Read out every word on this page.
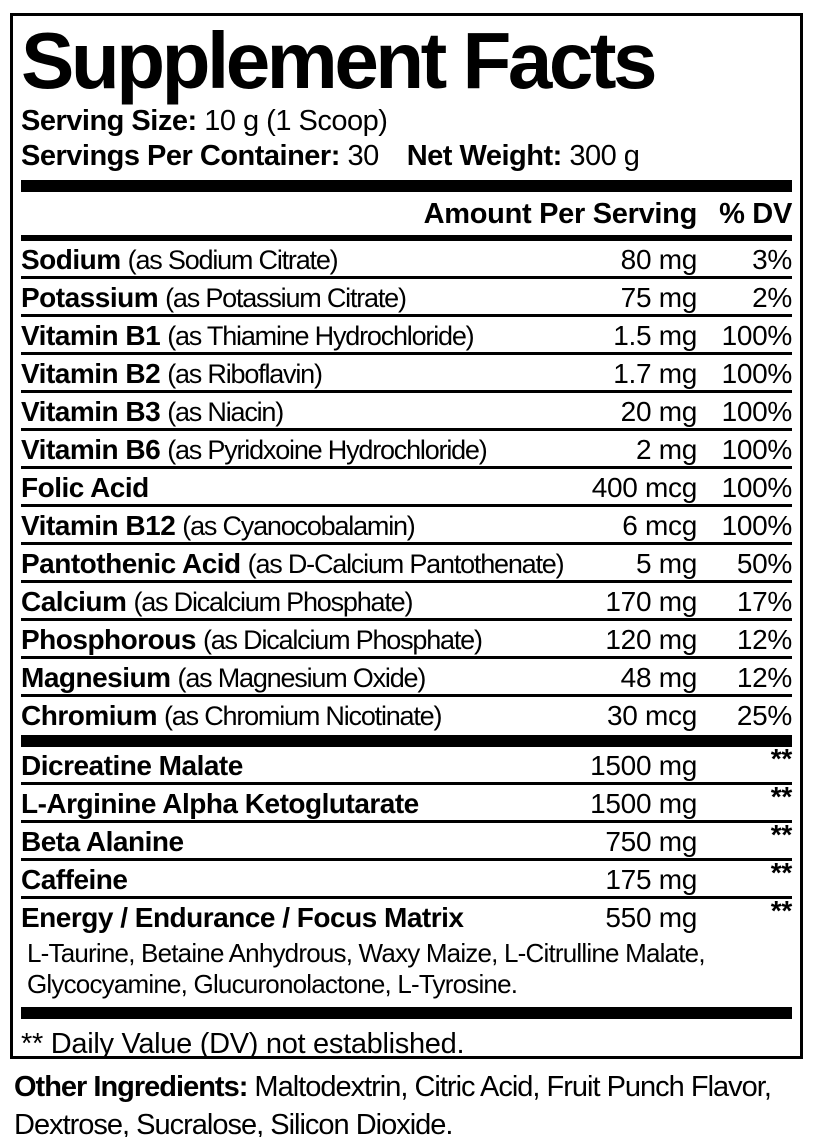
Supplement Facts
Serving Size: 10 g (1 Scoop)
Servings Per Container: 30 Net Weight: 300 g
Amount Per Serving % DV
Sodium (as Sodium Citrate)	80 mg	3%
Potassium (as Potassium Citrate)	75 mg	2%
Vitamin B1 (as Thiamine Hydrochloride)	1.5 mg 100%
Vitamin B2 (as Riboflavin)	1.7 mg 100%
Vitamin B3 (as Niacin)	20 mg 100%
Vitamin B6 (as Pyridxoine Hydrochloride)	2 mg 100%
Folic Acid	400 mcg 100%
Vitamin B12 (as Cyanocobalamin)	6 mcg 100%
Pantothenic Acid (as D-Calcium Pantothenate)	5 mg	50%
Calcium (as Dicalcium Phosphate)	170 mg	17%
Phosphorous (as Dicalcium Phosphate)	120 mg	12%
Magnesium (as Magnesium Oxide)	48 mg	12%
Chromium (as Chromium Nicotinate)	30 mcg	25%
Dicreatine Malate	1500 mg	**
L-Arginine Alpha Ketoglutarate	1500 mg	**
Beta Alanine	750 mg	**
Caffeine	175 mg	**
Energy / Endurance / Focus Matrix	550 mg	**
L-Taurine, Betaine Anhydrous, Waxy Maize, L-Citrulline Malate, Glycocyamine, Glucuronolactone, L-Tyrosine.
** Daily Value (DV) not established.
Other Ingredients: Maltodextrin, Citric Acid, Fruit Punch Flavor, Dextrose, Sucralose, Silicon Dioxide.
